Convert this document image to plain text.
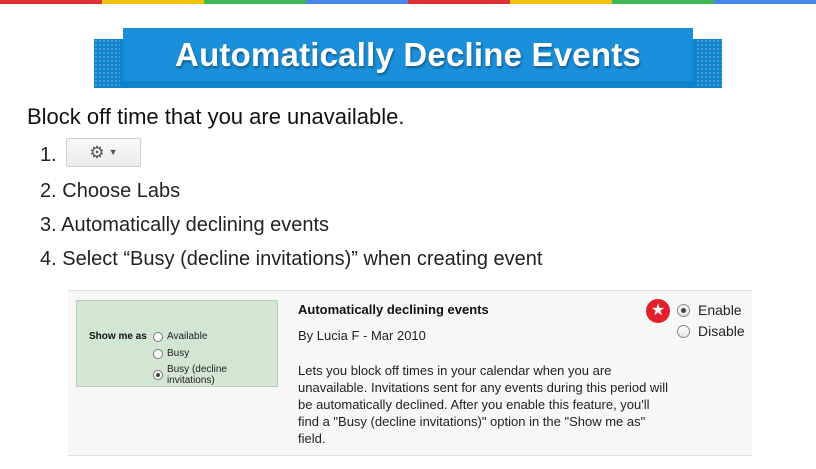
Automatically Decline Events
Block off time that you are unavailable.
1. ⚙ ▼
2. Choose Labs
3. Automatically declining events
4. Select “Busy (decline invitations)” when creating event
Show me as Available
Busy
Busy (decline invitations)
Automatically declining events
By Lucia F - Mar 2010
Lets you block off times in your calendar when you are unavailable. Invitations sent for any events during this period will be automatically declined. After you enable this feature, you'll find a "Busy (decline invitations)" option in the "Show me as" field.
★	Enable
Disable
